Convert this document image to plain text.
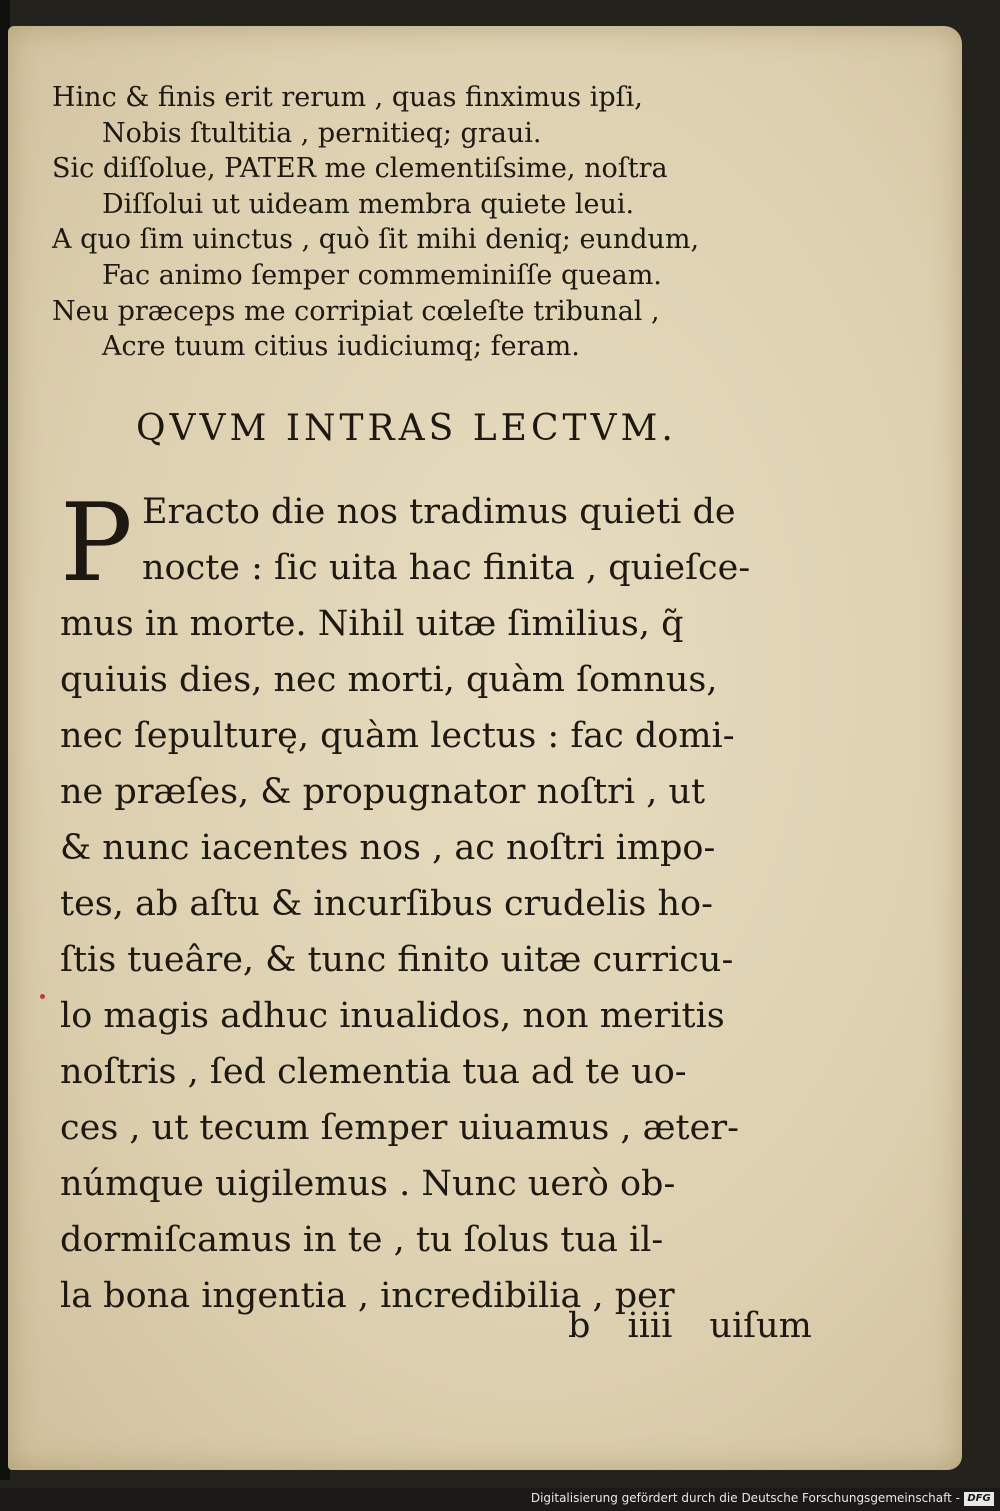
Hinc & finis erit rerum , quas finximus ipſi,

Nobis ſtultitia , pernitieq; graui.

Sic diſſolue, PATER me clementiſsime, noſtra

Diſſolui ut uideam membra quiete leui.

A quo ſim uinctus , quò ſit mihi deniq; eundum,

Fac animo ſemper commeminiſſe queam.

Neu præceps me corripiat cœleſte tribunal ,

Acre tuum citius iudiciumq; feram.

QVVM INTRAS LECTVM.
P Eracto die nos tradimus quieti de

nocte : ſic uita hac finita , quieſce-

mus in morte. Nihil uitæ ſimilius, q̃

quiuis dies, nec morti, quàm ſomnus,

nec ſepulturę, quàm lectus : fac domi-

ne præſes, & propugnator noſtri , ut

& nunc iacentes nos , ac noſtri impo-

tes, ab aſtu & incurſibus crudelis ho-

ſtis tueâre, & tunc finito uitæ curricu-

lo magis adhuc inualidos, non meritis

noſtris , ſed clementia tua ad te uo-

ces , ut tecum ſemper uiuamus , æter-

númque uigilemus . Nunc uerò ob-

dormiſcamus in te , tu ſolus tua il-

la bona ingentia , incredibilia , per

b iiii uiſum
Digitalisierung gefördert durch die Deutsche Forschungsgemeinschaft - DFG
